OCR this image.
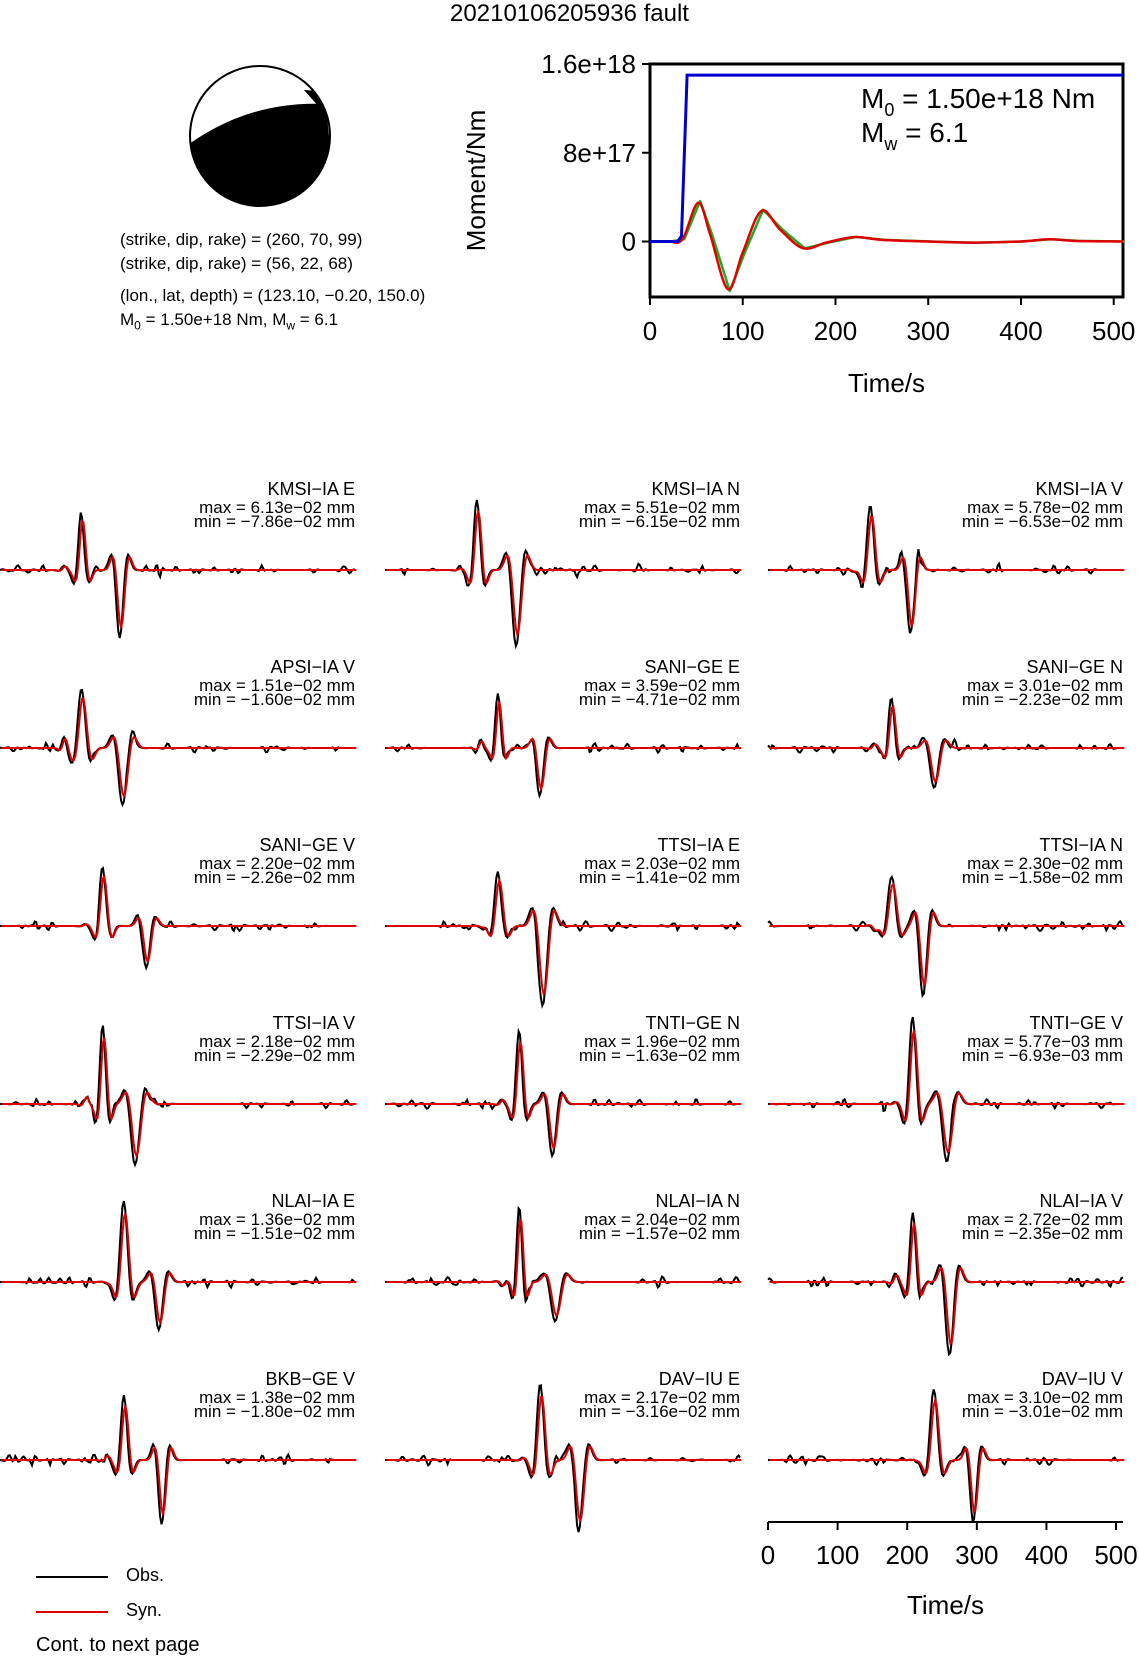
20210106205936 fault
(strike, dip, rake) = (260, 70, 99)
(strike, dip, rake) = (56, 22, 68)
(lon., lat, depth) = (123.10, −0.20, 150.0)
$M_0 = 1.50e+18$ Nm, $M_w = 6.1$	0 100 200 300 400 500
0
8e+17
1.6e+18
Time/s
Moment/Nm
$M_0 = 1.50e+18$ Nm
$M_w = 6.1$
KMSI−IA E
max = 6.13e−02 mm
min = −7.86e−02 mm
KMSI−IA N
max = 5.51e−02 mm
min = −6.15e−02 mm
KMSI−IA V
max = 5.78e−02 mm
min = −6.53e−02 mm
APSI−IA V
max = 1.51e−02 mm
min = −1.60e−02 mm
SANI−GE E
max = 3.59e−02 mm
min = −4.71e−02 mm
SANI−GE N
max = 3.01e−02 mm
min = −2.23e−02 mm
SANI−GE V
max = 2.20e−02 mm
min = −2.26e−02 mm
TTSI−IA E
max = 2.03e−02 mm
min = −1.41e−02 mm
TTSI−IA N
max = 2.30e−02 mm
min = −1.58e−02 mm
TTSI−IA V
max = 2.18e−02 mm
min = −2.29e−02 mm
TNTI−GE N
max = 1.96e−02 mm
min = −1.63e−02 mm
TNTI−GE V
max = 5.77e−03 mm
min = −6.93e−03 mm
NLAI−IA E
max = 1.36e−02 mm
min = −1.51e−02 mm
NLAI−IA N
max = 2.04e−02 mm
min = −1.57e−02 mm
NLAI−IA V
max = 2.72e−02 mm
min = −2.35e−02 mm
BKB−GE V
max = 1.38e−02 mm
min = −1.80e−02 mm
DAV−IU E
max = 2.17e−02 mm
min = −3.16e−02 mm
DAV−IU V
max = 3.10e−02 mm
min = −3.01e−02 mm
0 100 200 300 400 500
Time/s
Obs.
Syn.
Cont. to next page
